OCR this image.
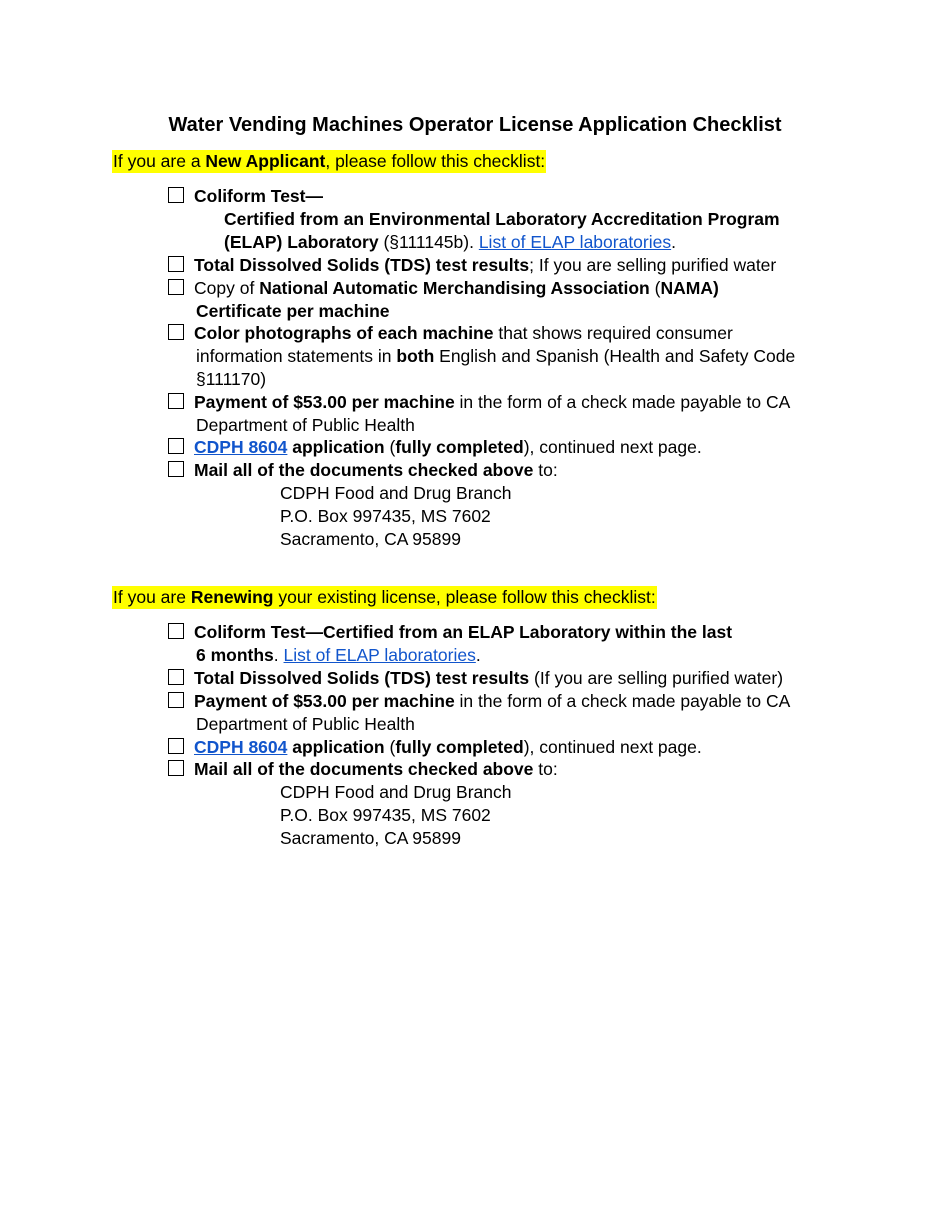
Water Vending Machines Operator License Application Checklist
If you are a New Applicant, please follow this checklist:
Coliform Test—
Certified from an Environmental Laboratory Accreditation Program
(ELAP) Laboratory (§111145b). List of ELAP laboratories.
Total Dissolved Solids (TDS) test results; If you are selling purified water
Copy of National Automatic Merchandising Association (NAMA)
Certificate per machine
Color photographs of each machine that shows required consumer
information statements in both English and Spanish (Health and Safety Code
§111170)
Payment of $53.00 per machine in the form of a check made payable to CA
Department of Public Health
CDPH 8604 application (fully completed), continued next page.
Mail all of the documents checked above to:
CDPH Food and Drug Branch
P.O. Box 997435, MS 7602
Sacramento, CA 95899
If you are Renewing your existing license, please follow this checklist:
Coliform Test—Certified from an ELAP Laboratory within the last
6 months. List of ELAP laboratories.
Total Dissolved Solids (TDS) test results (If you are selling purified water)
Payment of $53.00 per machine in the form of a check made payable to CA
Department of Public Health
CDPH 8604 application (fully completed), continued next page.
Mail all of the documents checked above to:
CDPH Food and Drug Branch
P.O. Box 997435, MS 7602
Sacramento, CA 95899
